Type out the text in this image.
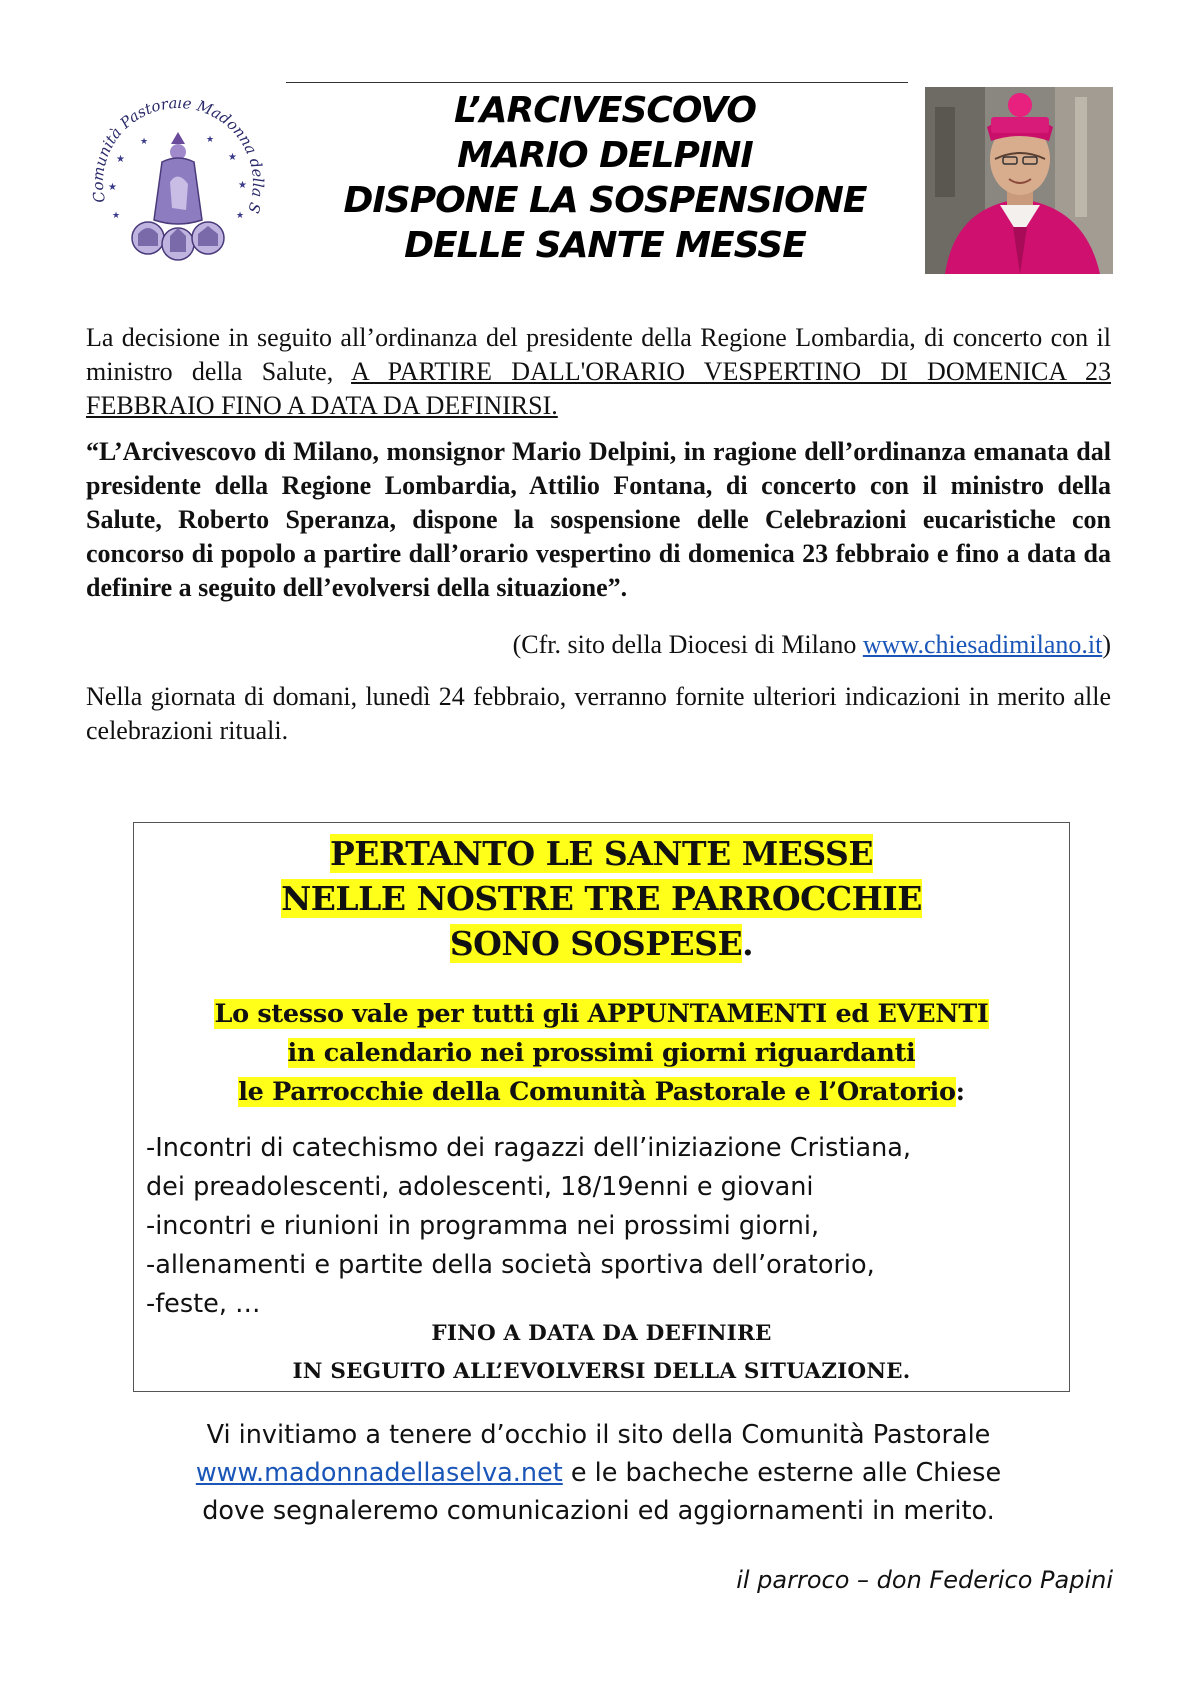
Comunità Pastorale Madonna della S
★	★
★	★
★	★
★	★
L’ARCIVESCOVO
MARIO DELPINI
DISPONE LA SOSPENSIONE
DELLE SANTE MESSE
La decisione in seguito all’ordinanza del presidente della Regione Lombardia, di concerto con il ministro della Salute, A PARTIRE DALL'ORARIO VESPERTINO DI DOMENICA 23 FEBBRAIO FINO A DATA DA DEFINIRSI.
“L’Arcivescovo di Milano, monsignor Mario Delpini, in ragione dell’ordinanza emanata dal presidente della Regione Lombardia, Attilio Fontana, di concerto con il ministro della Salute, Roberto Speranza, dispone la sospensione delle Celebrazioni eucaristiche con concorso di popolo a partire dall’orario vespertino di domenica 23 febbraio e fino a data da definire a seguito dell’evolversi della situazione”.
(Cfr. sito della Diocesi di Milano www.chiesadimilano.it)
Nella giornata di domani, lunedì 24 febbraio, verranno fornite ulteriori indicazioni in merito alle celebrazioni rituali.
PERTANTO LE SANTE MESSE
NELLE NOSTRE TRE PARROCCHIE
SONO SOSPESE.
Lo stesso vale per tutti gli APPUNTAMENTI ed EVENTI
in calendario nei prossimi giorni riguardanti
le Parrocchie della Comunità Pastorale e l’Oratorio:
-Incontri di catechismo dei ragazzi dell’iniziazione Cristiana,
dei preadolescenti, adolescenti, 18/19enni e giovani
-incontri e riunioni in programma nei prossimi giorni,
-allenamenti e partite della società sportiva dell’oratorio,
-feste, …
FINO A DATA DA DEFINIRE
IN SEGUITO ALL’EVOLVERSI DELLA SITUAZIONE.
Vi invitiamo a tenere d’occhio il sito della Comunità Pastorale
www.madonnadellaselva.net e le bacheche esterne alle Chiese
dove segnaleremo comunicazioni ed aggiornamenti in merito.
il parroco – don Federico Papini
